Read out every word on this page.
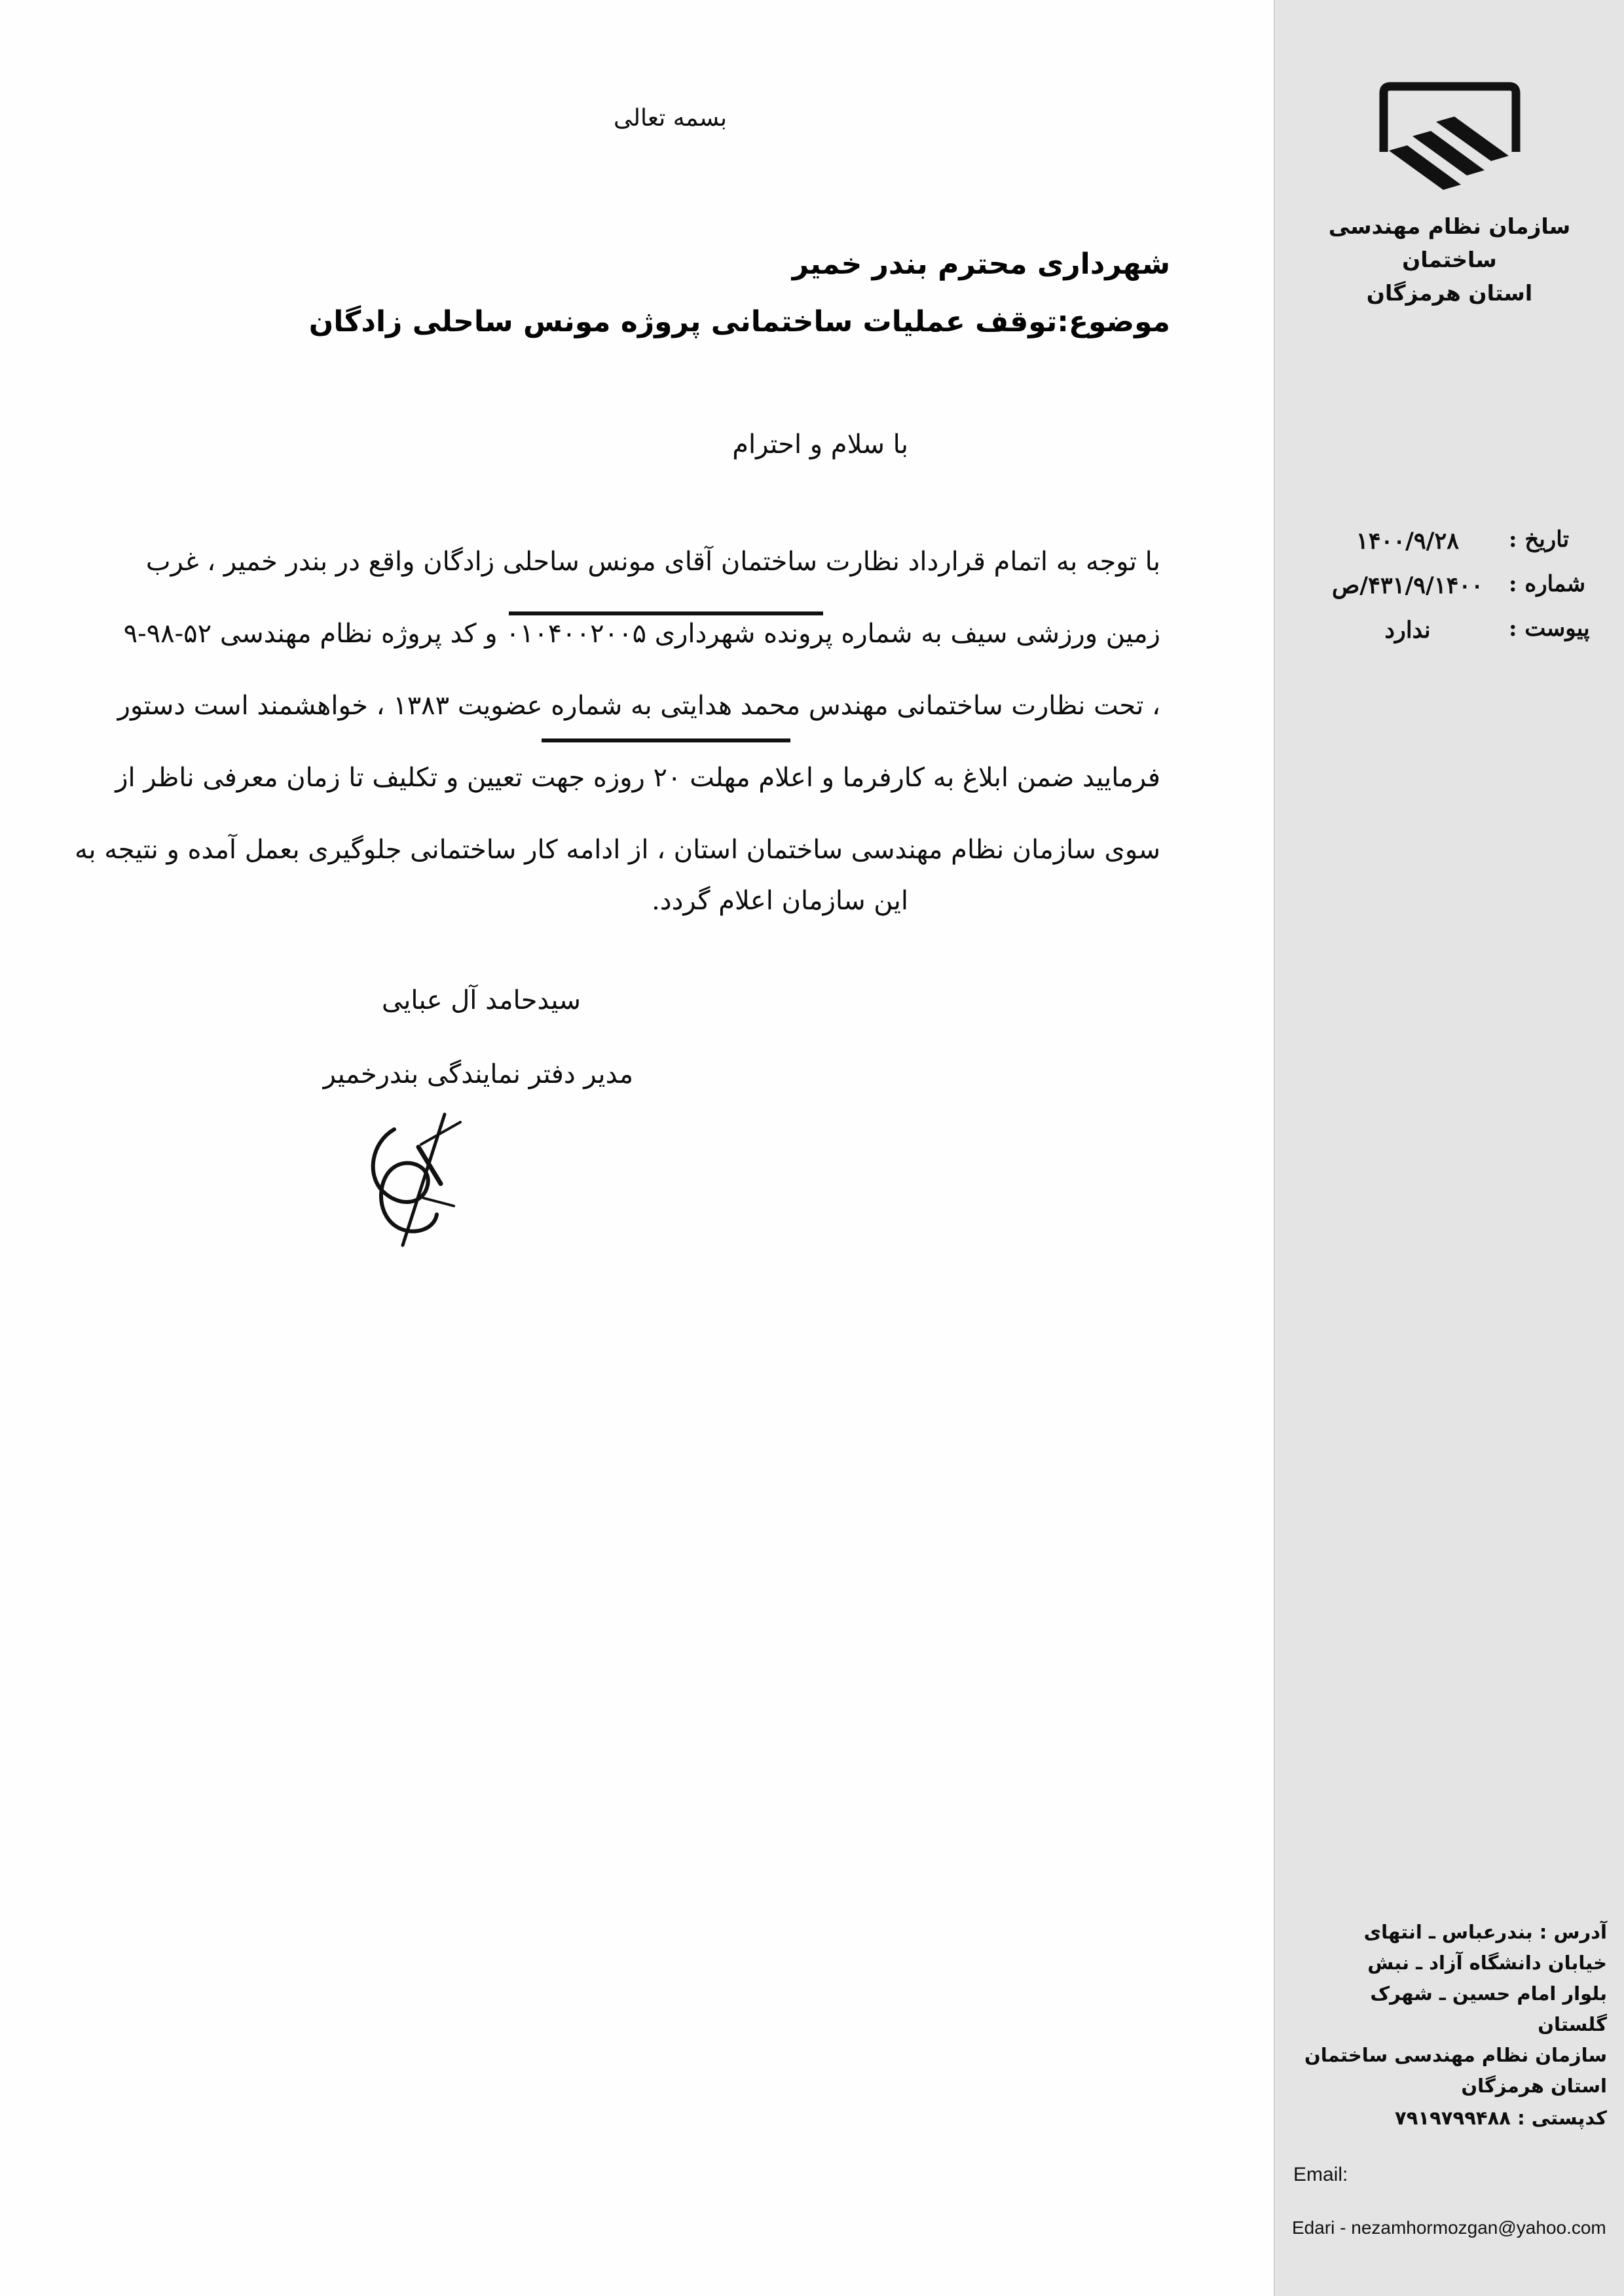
بسمه تعالی
شهرداری محترم بندر خمیر
موضوع:توقف عملیات ساختمانی پروژه مونس ساحلی زادگان
با سلام و احترام
با توجه به اتمام قرارداد نظارت ساختمان آقای مونس ساحلی زادگان واقع در بندر خمیر ، غرب
زمین ورزشی سیف به شماره پرونده شهرداری ۰۱۰۴۰۰۲۰۰۵ و کد پروژه نظام مهندسی ۵۲-۹۸-۹
، تحت نظارت ساختمانی مهندس محمد هدایتی به شماره عضویت ۱۳۸۳ ، خواهشمند است دستور
فرمایید ضمن ابلاغ به کارفرما و اعلام مهلت ۲۰ روزه جهت تعیین و تکلیف تا زمان معرفی ناظر از
سوی سازمان نظام مهندسی ساختمان استان ، از ادامه کار ساختمانی جلوگیری بعمل آمده و نتیجه به
این سازمان اعلام گردد.
سیدحامد آل عبایی
مدیر دفتر نمایندگی بندرخمیر
سازمان نظام مهندسی ساختمان
استان هرمزگان
تاریخ :
۱۴۰۰/۹/۲۸
شماره :
۴۳۱/۹/۱۴۰۰/ص
پیوست :
ندارد
آدرس : بندرعباس ـ انتهای
خیابان دانشگاه آزاد ـ نبش
بلوار امام حسین ـ شهرک
گلستان
سازمان نظام مهندسی ساختمان
استان هرمزگان
کدپستی : ۷۹۱۹۷۹۹۴۸۸
Email:
Edari - nezamhormozgan@yahoo.com
